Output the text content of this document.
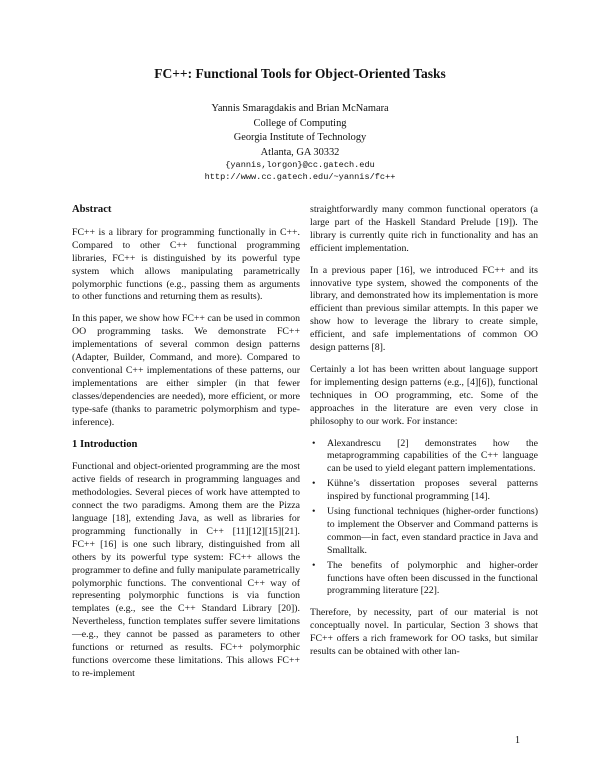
FC++: Functional Tools for Object-Oriented Tasks
Yannis Smaragdakis and Brian McNamara
College of Computing
Georgia Institute of Technology
Atlanta, GA 30332
{yannis,lorgon}@cc.gatech.edu
http://www.cc.gatech.edu/~yannis/fc++
Abstract

FC++ is a library for programming functionally in C++. Compared to other C++ functional programming libraries, FC++ is distinguished by its powerful type system which allows manipulating parametrically polymorphic functions (e.g., passing them as arguments to other functions and returning them as results).

In this paper, we show how FC++ can be used in common OO programming tasks. We demonstrate FC++ implementations of several common design patterns (Adapter, Builder, Command, and more). Compared to conventional C++ implementations of these patterns, our implementations are either simpler (in that fewer classes/dependencies are needed), more efficient, or more type-safe (thanks to parametric polymorphism and type-inference).

1 Introduction

Functional and object-oriented programming are the most active fields of research in programming languages and methodologies. Several pieces of work have attempted to connect the two paradigms. Among them are the Pizza language [18], extending Java, as well as libraries for programming functionally in C++ [11][12][15][21]. FC++ [16] is one such library, distinguished from all others by its powerful type system: FC++ allows the programmer to define and fully manipulate parametrically polymorphic functions. The conventional C++ way of representing polymorphic functions is via function templates (e.g., see the C++ Standard Library [20]). Nevertheless, function templates suffer severe limitations—e.g., they cannot be passed as parameters to other functions or returned as results. FC++ polymorphic functions overcome these limitations. This allows FC++ to re-implement

straightforwardly many common functional operators (a large part of the Haskell Standard Prelude [19]). The library is currently quite rich in functionality and has an efficient implementation.

In a previous paper [16], we introduced FC++ and its innovative type system, showed the components of the library, and demonstrated how its implementation is more efficient than previous similar attempts. In this paper we show how to leverage the library to create simple, efficient, and safe implementations of common OO design patterns [8].

Certainly a lot has been written about language support for implementing design patterns (e.g., [4][6]), functional techniques in OO programming, etc. Some of the approaches in the literature are even very close in philosophy to our work. For instance:

• Alexandrescu [2] demonstrates how the metaprogramming capabilities of the C++ language can be used to yield elegant pattern implementations.
• Kühne’s dissertation proposes several patterns inspired by functional programming [14].
• Using functional techniques (higher-order functions) to implement the Observer and Command patterns is common—in fact, even standard practice in Java and Smalltalk.
• The benefits of polymorphic and higher-order functions have often been discussed in the functional programming literature [22].

Therefore, by necessity, part of our material is not conceptually novel. In particular, Section 3 shows that FC++ offers a rich framework for OO tasks, but similar results can be obtained with other lan-

1
